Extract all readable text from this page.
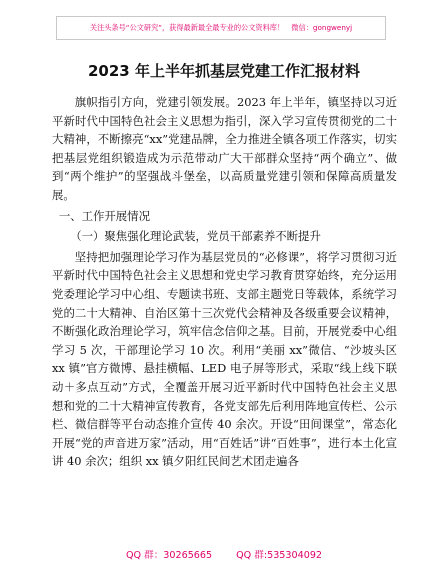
关注头条号“公文研究”，获得最新最全最专业的公文资料库！　微信：gongwenyj
2023 年上半年抓基层党建工作汇报材料

旗帜指引方向，党建引领发展。2023 年上半年，镇坚持以习近平新时代中国特色社会主义思想为指引，深入学习宣传贯彻党的二十大精神，不断擦亮“xx”党建品牌，全力推进全镇各项工作落实，切实把基层党组织锻造成为示范带动广大干部群众坚持“两个确立”、做到“两个维护”的坚强战斗堡垒，以高质量党建引领和保障高质量发展。

一、工作开展情况

（一）聚焦强化理论武装，党员干部素养不断提升

坚持把加强理论学习作为基层党员的“必修课”，将学习贯彻习近平新时代中国特色社会主义思想和党史学习教育贯穿始终，充分运用党委理论学习中心组、专题读书班、支部主题党日等载体，系统学习党的二十大精神、自治区第十三次党代会精神及各级重要会议精神，不断强化政治理论学习，筑牢信念信仰之基。目前，开展党委中心组学习 5 次，干部理论学习 10 次。利用“美丽 xx”微信、“沙坡头区 xx 镇”官方微博、悬挂横幅、LED 电子屏等形式，采取“线上线下联动＋多点互动”方式，全覆盖开展习近平新时代中国特色社会主义思想和党的二十大精神宣传教育，各党支部先后利用阵地宣传栏、公示栏、微信群等平台动态推介宣传 40 余次。开设“田间课堂”，常态化开展“党的声音进万家”活动，用“百姓话”讲“百姓事”，进行本土化宣讲 40 余次；组织 xx 镇夕阳红民间艺术团走遍各

QQ 群：30265665	QQ 群:535304092
